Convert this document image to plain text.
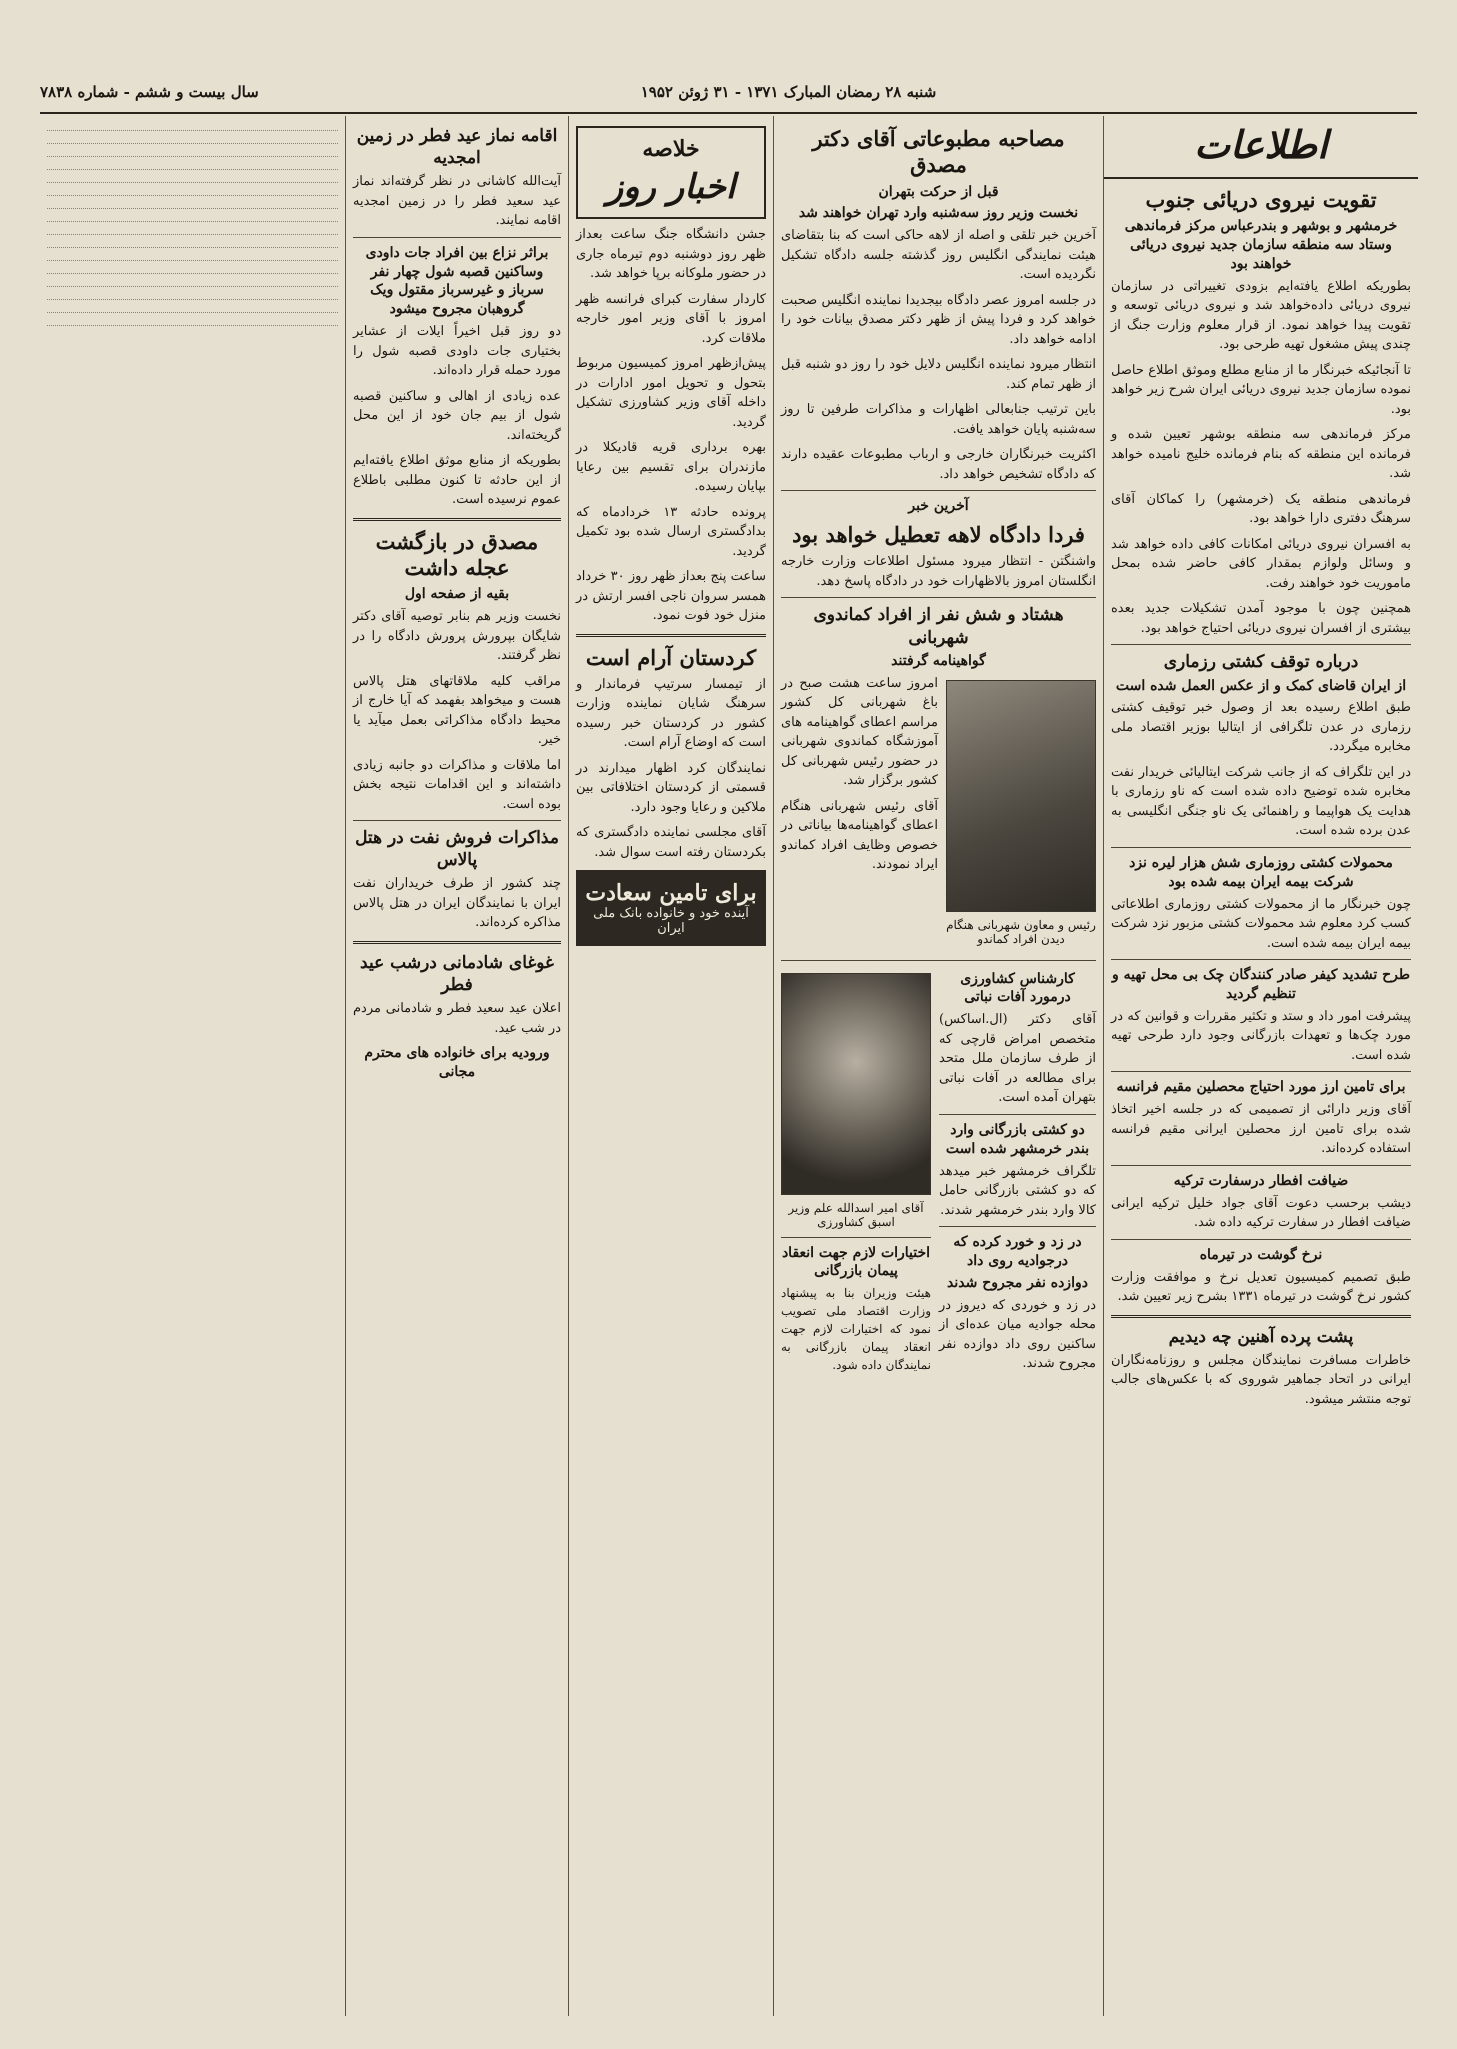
شنبه ۲۸ رمضان المبارک ۱۳۷۱ - ۳۱ ژوئن ۱۹۵۲
سال بیست و ششم - شماره ۷۸۳۸
اطلاعات
تقویت نیروی دریائی جنوب
خرمشهر و بوشهر و بندرعباس مرکز فرماندهی وستاد سه منطقه سازمان جدید نیروی دریائی خواهند بود

بطوریکه اطلاع یافته‌ایم بزودی تغییراتی در سازمان نیروی دریائی داده‌خواهد شد و نیروی دریائی توسعه و تقویت پیدا خواهد نمود. از قرار معلوم وزارت جنگ از چندی پیش مشغول تهیه طرحی بود.

تا آنجائیکه خبرنگار ما از منابع مطلع وموثق اطلاع حاصل نموده سازمان جدید نیروی دریائی ایران شرح زیر خواهد بود.

مرکز فرماندهی سه منطقه بوشهر تعیین شده و فرمانده این منطقه که بنام فرمانده خلیج نامیده خواهد شد.

فرماندهی منطقه یک (خرمشهر) را کماکان آقای سرهنگ دفتری دارا خواهد بود.

به افسران نیروی دریائی امکانات کافی داده خواهد شد و وسائل ولوازم بمقدار کافی حاضر شده بمحل ماموریت خود خواهند رفت.

همچنین چون با موجود آمدن تشکیلات جدید بعده بیشتری از افسران نیروی دریائی احتیاج خواهد بود.

درباره توقف کشتی رزماری
از ایران قاضای کمک و از عکس العمل شده است

طبق اطلاع رسیده بعد از وصول خبر توقیف کشتی رزماری در عدن تلگرافی از ایتالیا بوزیر اقتصاد ملی مخابره میگردد.

در این تلگراف که از جانب شرکت ایتالیائی خریدار نفت مخابره شده توضیح داده شده است که ناو رزماری با هدایت یک هواپیما و راهنمائی یک ناو جنگی انگلیسی به عدن برده شده است.

محمولات کشتی روزماری شش هزار لیره نزد شرکت بیمه ایران بیمه شده بود

چون خبرنگار ما از محمولات کشتی روزماری اطلاعاتی کسب کرد معلوم شد محمولات کشتی مزبور نزد شرکت بیمه ایران بیمه شده است.

طرح تشدید کیفر صادر کنندگان چک بی محل تهیه و تنظیم گردید

پیشرفت امور داد و ستد و تکثیر مقررات و قوانین که در مورد چک‌ها و تعهدات بازرگانی وجود دارد طرحی تهیه شده است.

برای تامین ارز مورد احتیاج محصلین مقیم فرانسه

آقای وزیر دارائی از تصمیمی که در جلسه اخیر اتخاذ شده برای تامین ارز محصلین ایرانی مقیم فرانسه استفاده کرده‌اند.

ضیافت افطار درسفارت ترکیه

دیشب برحسب دعوت آقای جواد خلیل ترکیه ایرانی ضیافت افطار در سفارت ترکیه داده شد.

نرخ گوشت در تیرماه

طبق تصمیم کمیسیون تعدیل نرخ و موافقت وزارت کشور نرخ گوشت در تیرماه ۱۳۳۱ بشرح زیر تعیین شد.

پشت پرده آهنین چه دیدیم

خاطرات مسافرت نمایندگان مجلس و روزنامه‌نگاران ایرانی در اتحاد جماهیر شوروی که با عکس‌های جالب توجه منتشر میشود.

مصاحبه مطبوعاتی آقای دکتر مصدق
قبل از حرکت بتهران
نخست وزیر روز سه‌شنبه وارد تهران خواهند شد

آخرین خبر تلقی و اصله از لاهه حاکی است که بنا بتقاضای هیئت نمایندگی انگلیس روز گذشته جلسه دادگاه تشکیل نگردیده است.

در جلسه امروز عصر دادگاه بیجدیدا نماینده انگلیس صحبت خواهد کرد و فردا پیش از ظهر دکتر مصدق بیانات خود را ادامه خواهد داد.

انتظار میرود نماینده انگلیس دلایل خود را روز دو شنبه قبل از ظهر تمام کند.

باین ترتیب جنابعالی اظهارات و مذاکرات طرفین تا روز سه‌شنبه پایان خواهد یافت.

اکثریت خبرنگاران خارجی و ارباب مطبوعات عقیده دارند که دادگاه تشخیص خواهد داد.

آخرین خبر
فردا دادگاه لاهه تعطیل خواهد بود

واشنگتن - انتظار میرود مسئول اطلاعات وزارت خارجه انگلستان امروز بالاظهارات خود در دادگاه پاسخ دهد.

هشتاد و شش نفر از افراد کماندوی شهربانی
گواهینامه گرفتند
رئیس و معاون شهربانی هنگام دیدن افراد کماندو

امروز ساعت هشت صبح در باغ شهربانی کل کشور مراسم اعطای گواهینامه های آموزشگاه کماندوی شهربانی در حضور رئیس شهربانی کل کشور برگزار شد.

آقای رئیس شهربانی هنگام اعطای گواهینامه‌ها بیاناتی در خصوص وظایف افراد کماندو ایراد نمودند.

کارشناس کشاورزی درمورد آفات نباتی

آقای دکتر (ال.اساکس) متخصص امراض قارچی که از طرف سازمان ملل متحد برای مطالعه در آفات نباتی بتهران آمده است.

دو کشتی بازرگانی وارد بندر خرمشهر شده است

تلگراف خرمشهر خبر میدهد که دو کشتی بازرگانی حامل کالا وارد بندر خرمشهر شدند.

در زد و خورد کرده که درجوادیه روی داد
دوازده نفر مجروح شدند

در زد و خوردی که دیروز در محله جوادیه میان عده‌ای از ساکنین روی داد دوازده نفر مجروح شدند.

آقای امیر اسدالله علم وزیر اسبق کشاورزی
اختیارات لازم جهت انعقاد پیمان بازرگانی

هیئت وزیران بنا به پیشنهاد وزارت اقتصاد ملی تصویب نمود که اختیارات لازم جهت انعقاد پیمان بازرگانی به نمایندگان داده شود.

خلاصه
اخبار روز

جشن دانشگاه جنگ ساعت بعداز ظهر روز دوشنبه دوم تیرماه جاری در حضور ملوکانه برپا خواهد شد.

کاردار سفارت کبرای فرانسه ظهر امروز با آقای وزیر امور خارجه ملاقات کرد.

پیش‌ازظهر امروز کمیسیون مربوط بتحول و تحویل امور ادارات در داخله آقای وزیر کشاورزی تشکیل گردید.

بهره برداری قریه قادیکلا در مازندران برای تقسیم بین رعایا بپایان رسیده.

پرونده حادثه ۱۳ خردادماه که بدادگستری ارسال شده بود تکمیل گردید.

ساعت پنج بعداز ظهر روز ۳۰ خرداد همسر سروان ناجی افسر ارتش در منزل خود فوت نمود.

کردستان آرام است

از تیمسار سرتیپ فرماندار و سرهنگ شایان نماینده وزارت کشور در کردستان خبر رسیده است که اوضاع آرام است.

نمایندگان کرد اظهار میدارند در قسمتی از کردستان اختلافاتی بین ملاکین و رعایا وجود دارد.

آقای مجلسی نماینده دادگستری که بکردستان رفته است سوال شد.

برای تامین سعادت
آینده خود و خانواده بانک ملی ایران
اقامه نماز عید فطر در زمین امجدیه

آیت‌الله کاشانی در نظر گرفته‌اند نماز عید سعید فطر را در زمین امجدیه اقامه نمایند.

براثر نزاع بین افراد جات داودی وساکنین قصبه شول چهار نفر سرباز و غیرسرباز مقتول ویک گروهبان مجروح میشود

دو روز قبل اخیراً ایلات از عشایر بختیاری جات داودی قصبه شول را مورد حمله قرار داده‌اند.

عده زیادی از اهالی و ساکنین قصبه شول از بیم جان خود از این محل گریخته‌اند.

بطوریکه از منابع موثق اطلاع یافته‌ایم از این حادثه تا کنون مطلبی باطلاع عموم نرسیده است.

مصدق در بازگشت عجله داشت
بقیه از صفحه اول

نخست وزیر هم بنابر توصیه آقای دکتر شایگان بپرورش پرورش دادگاه را در نظر گرفتند.

مراقب کلیه ملاقاتهای هتل پالاس هست و میخواهد بفهمد که آیا خارج از محیط دادگاه مذاکراتی بعمل میآید یا خیر.

اما ملاقات و مذاکرات دو جانبه زیادی داشته‌اند و این اقدامات نتیجه بخش بوده است.

مذاکرات فروش نفت در هتل پالاس

چند کشور از طرف خریداران نفت ایران با نمایندگان ایران در هتل پالاس مذاکره کرده‌اند.

غوغای شادمانی درشب عید فطر

اعلان عید سعید فطر و شادمانی مردم در شب عید.

ورودیه برای خانواده های محترم مجانی
